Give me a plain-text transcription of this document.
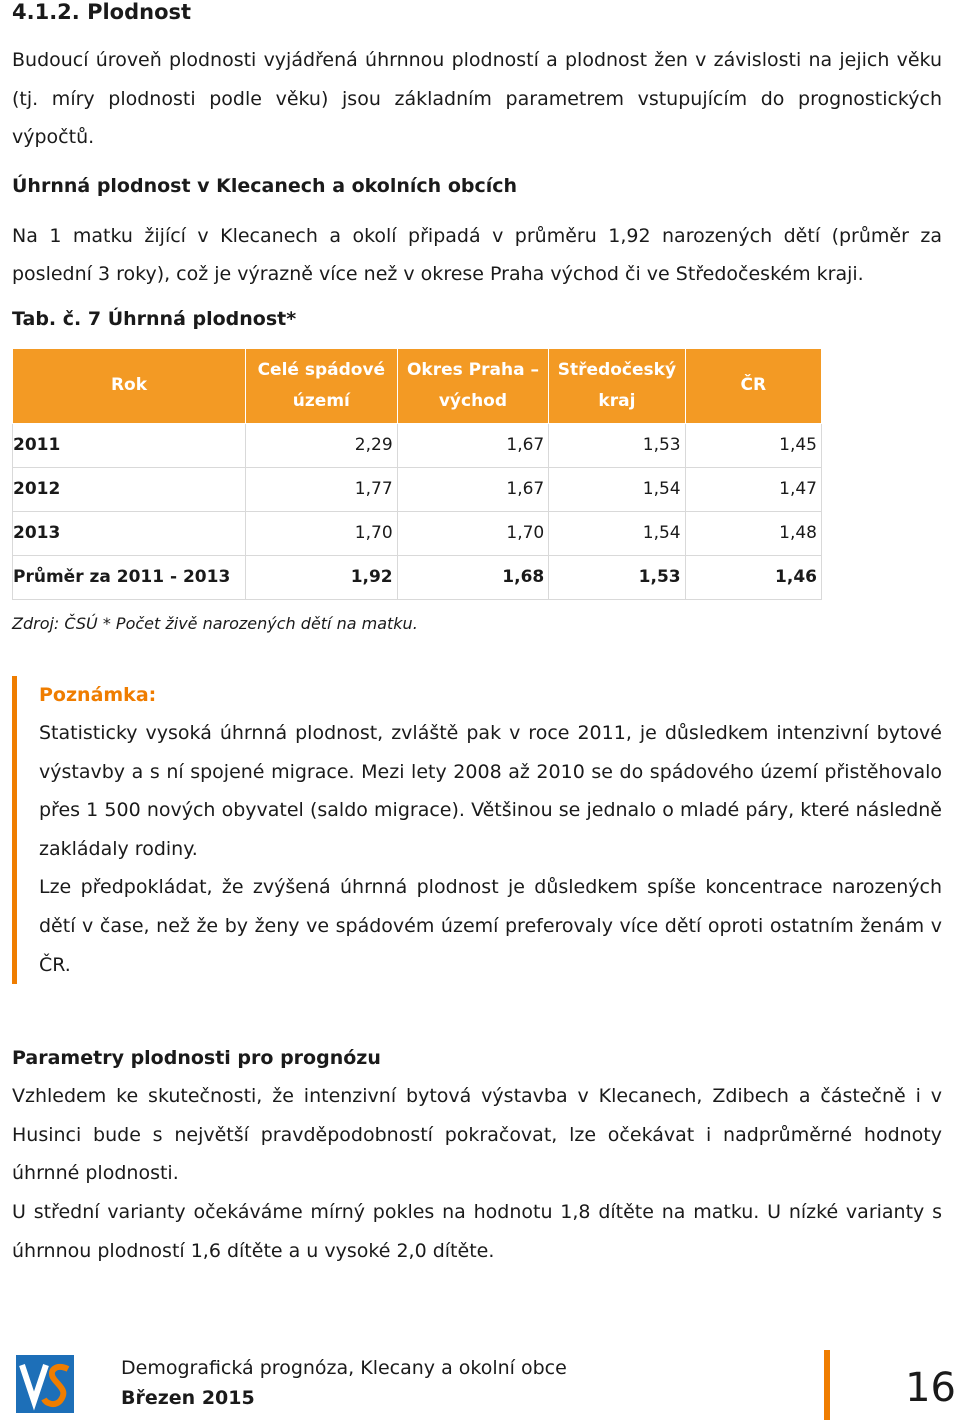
4.1.2. Plodnost

Budoucí úroveň plodnosti vyjádřená úhrnnou plodností a plodnost žen v závislosti na jejich věku (tj. míry plodnosti podle věku) jsou základním parametrem vstupujícím do prognostických výpočtů.

Úhrnná plodnost v Klecanech a okolních obcích

Na 1 matku žijící v Klecanech a okolí připadá v průměru 1,92 narozených dětí (průměr za poslední 3 roky), což je výrazně více než v okrese Praha východ či ve Středočeském kraji.

Tab. č. 7 Úhrnná plodnost*

Rok	Celé spádové území	Okres Praha – východ	Středočeský kraj	ČR
2011	2,29	1,67	1,53	1,45
2012	1,77	1,67	1,54	1,47
2013	1,70	1,70	1,54	1,48
Průměr za 2011 - 2013	1,92	1,68	1,53	1,46
Zdroj: ČSÚ * Počet živě narozených dětí na matku.

Poznámka:

Statisticky vysoká úhrnná plodnost, zvláště pak v roce 2011, je důsledkem intenzivní bytové výstavby a s ní spojené migrace. Mezi lety 2008 až 2010 se do spádového území přistěhovalo přes 1 500 nových obyvatel (saldo migrace). Většinou se jednalo o mladé páry, které následně zakládaly rodiny.

Lze předpokládat, že zvýšená úhrnná plodnost je důsledkem spíše koncentrace narozených dětí v čase, než že by ženy ve spádovém území preferovaly více dětí oproti ostatním ženám v ČR.

Parametry plodnosti pro prognózu

Vzhledem ke skutečnosti, že intenzivní bytová výstavba v Klecanech, Zdibech a částečně i v Husinci bude s největší pravděpodobností pokračovat, lze očekávat i nadprůměrné hodnoty úhrnné plodnosti.

U střední varianty očekáváme mírný pokles na hodnotu 1,8 dítěte na matku. U nízké varianty s úhrnnou plodností 1,6 dítěte a u vysoké 2,0 dítěte.

Demografická prognóza, Klecany a okolní obce
Březen 2015	16
